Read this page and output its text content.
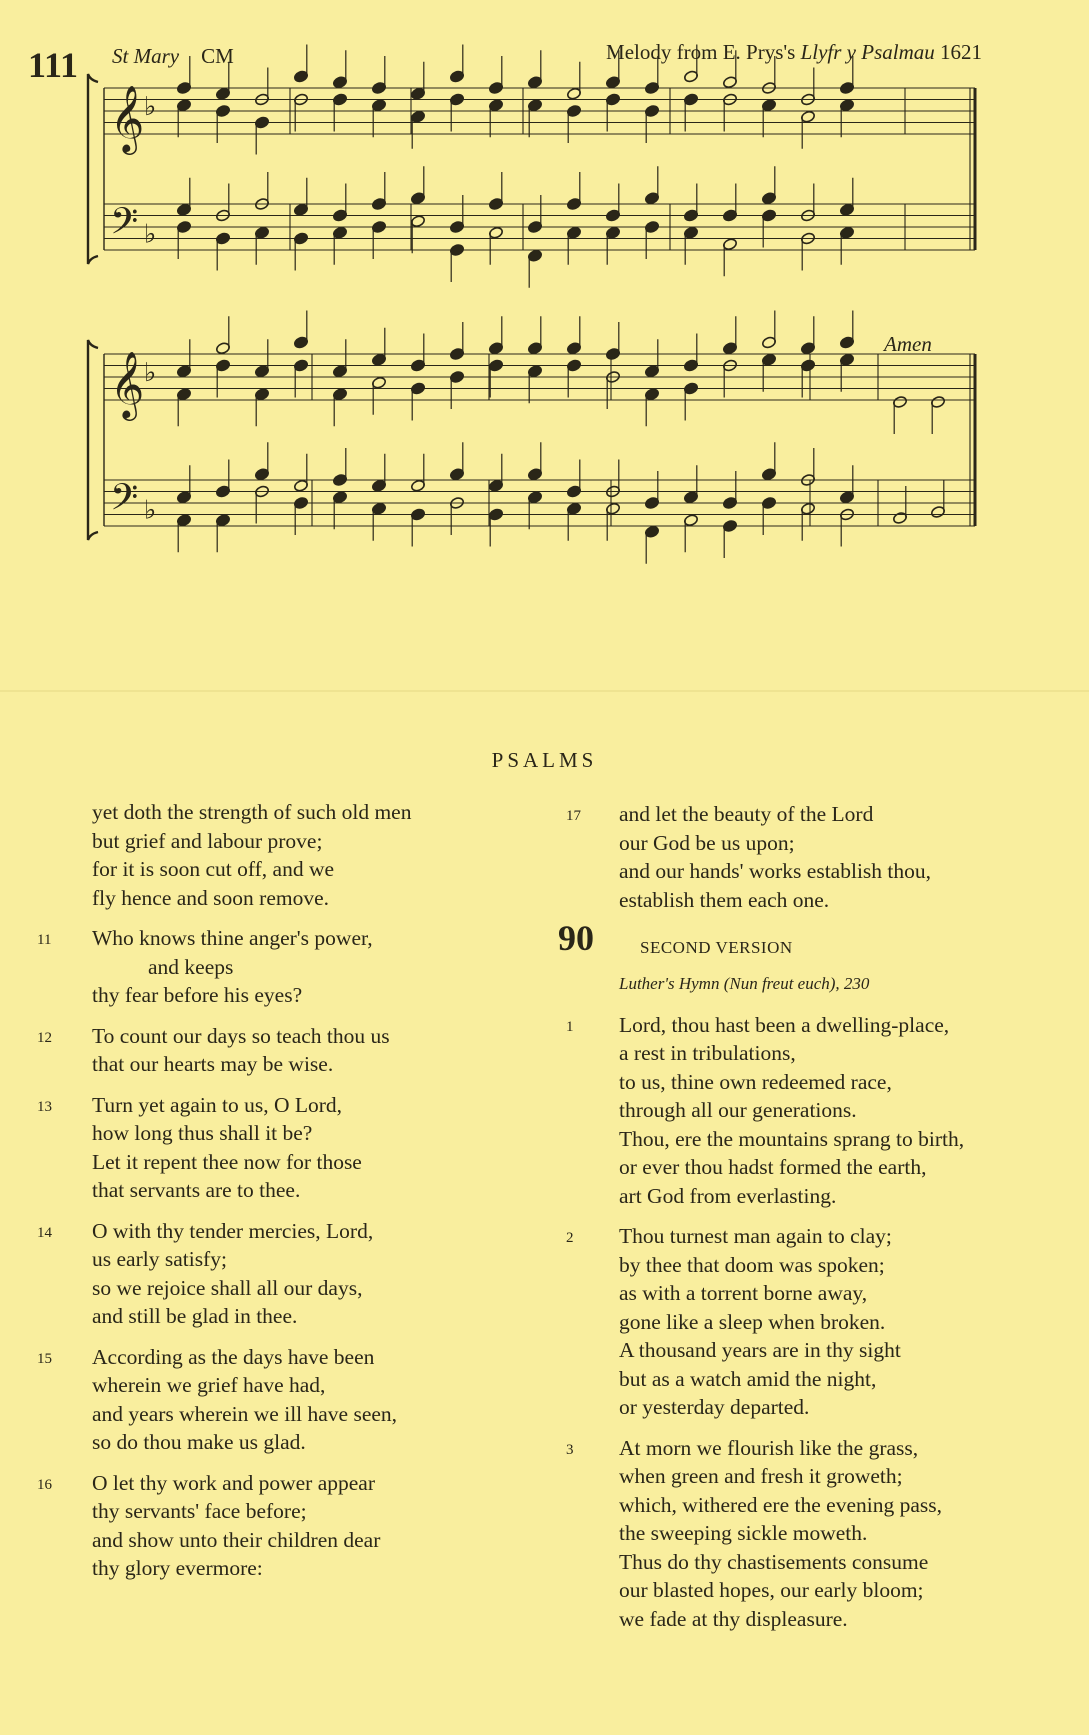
111 St Mary CM	Melody from E. Prys's Llyfr y Psalmau 1621
Amen
𝄞
𝄢
♭
♭
𝄞
𝄢
♭
♭
PSALMS
yet doth the strength of such old men
but grief and labour prove;
for it is soon cut off, and we
fly hence and soon remove.
11 Who knows thine anger's power,
and keeps
thy fear before his eyes?
12 To count our days so teach thou us
that our hearts may be wise.
13 Turn yet again to us, O Lord,
how long thus shall it be?
Let it repent thee now for those
that servants are to thee.
14 O with thy tender mercies, Lord,
us early satisfy;
so we rejoice shall all our days,
and still be glad in thee.
15 According as the days have been
wherein we grief have had,
and years wherein we ill have seen,
so do thou make us glad.
16 O let thy work and power appear
thy servants' face before;
and show unto their children dear
thy glory evermore:
17 and let the beauty of the Lord
our God be us upon;
and our hands' works establish thou,
establish them each one.
90	SECOND VERSION
Luther's Hymn (Nun freut euch), 230
1 Lord, thou hast been a dwelling-place,
a rest in tribulations,
to us, thine own redeemed race,
through all our generations.
Thou, ere the mountains sprang to birth,
or ever thou hadst formed the earth,
art God from everlasting.
2 Thou turnest man again to clay;
by thee that doom was spoken;
as with a torrent borne away,
gone like a sleep when broken.
A thousand years are in thy sight
but as a watch amid the night,
or yesterday departed.
3 At morn we flourish like the grass,
when green and fresh it groweth;
which, withered ere the evening pass,
the sweeping sickle moweth.
Thus do thy chastisements consume
our blasted hopes, our early bloom;
we fade at thy displeasure.
